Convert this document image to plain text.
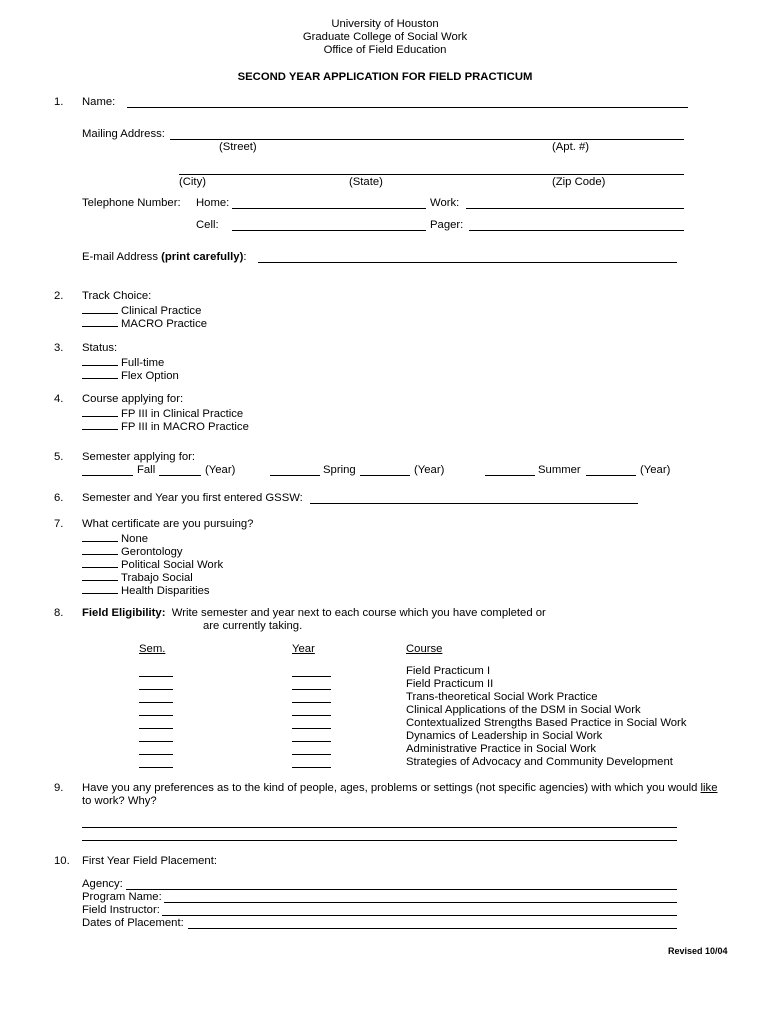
University of Houston
Graduate College of Social Work
Office of Field Education
SECOND YEAR APPLICATION FOR FIELD PRACTICUM
1. Name:
Mailing Address:
(Street)	(Apt. #)
(City)	(State)	(Zip Code)
Telephone Number: Home:	Work:
Cell:	Pager:
E-mail Address (print carefully):
2. Track Choice:
Clinical Practice
MACRO Practice
3. Status:
Full-time
Flex Option
4. Course applying for:
FP III in Clinical Practice
FP III in MACRO Practice
5. Semester applying for:
Fall	(Year)	Spring	(Year)	Summer	(Year)
6. Semester and Year you first entered GSSW:
7. What certificate are you pursuing?
None
Gerontology
Political Social Work
Trabajo Social
Health Disparities
8. Field Eligibility: Write semester and year next to each course which you have completed or
are currently taking.
Sem.	Year	Course
Field Practicum I
Field Practicum II
Trans-theoretical Social Work Practice
Clinical Applications of the DSM in Social Work
Contextualized Strengths Based Practice in Social Work
Dynamics of Leadership in Social Work
Administrative Practice in Social Work
Strategies of Advocacy and Community Development
9. Have you any preferences as to the kind of people, ages, problems or settings (not specific agencies) with which you would like
to work? Why?
10. First Year Field Placement:
Agency:
Program Name:
Field Instructor:
Dates of Placement:
Revised 10/04
